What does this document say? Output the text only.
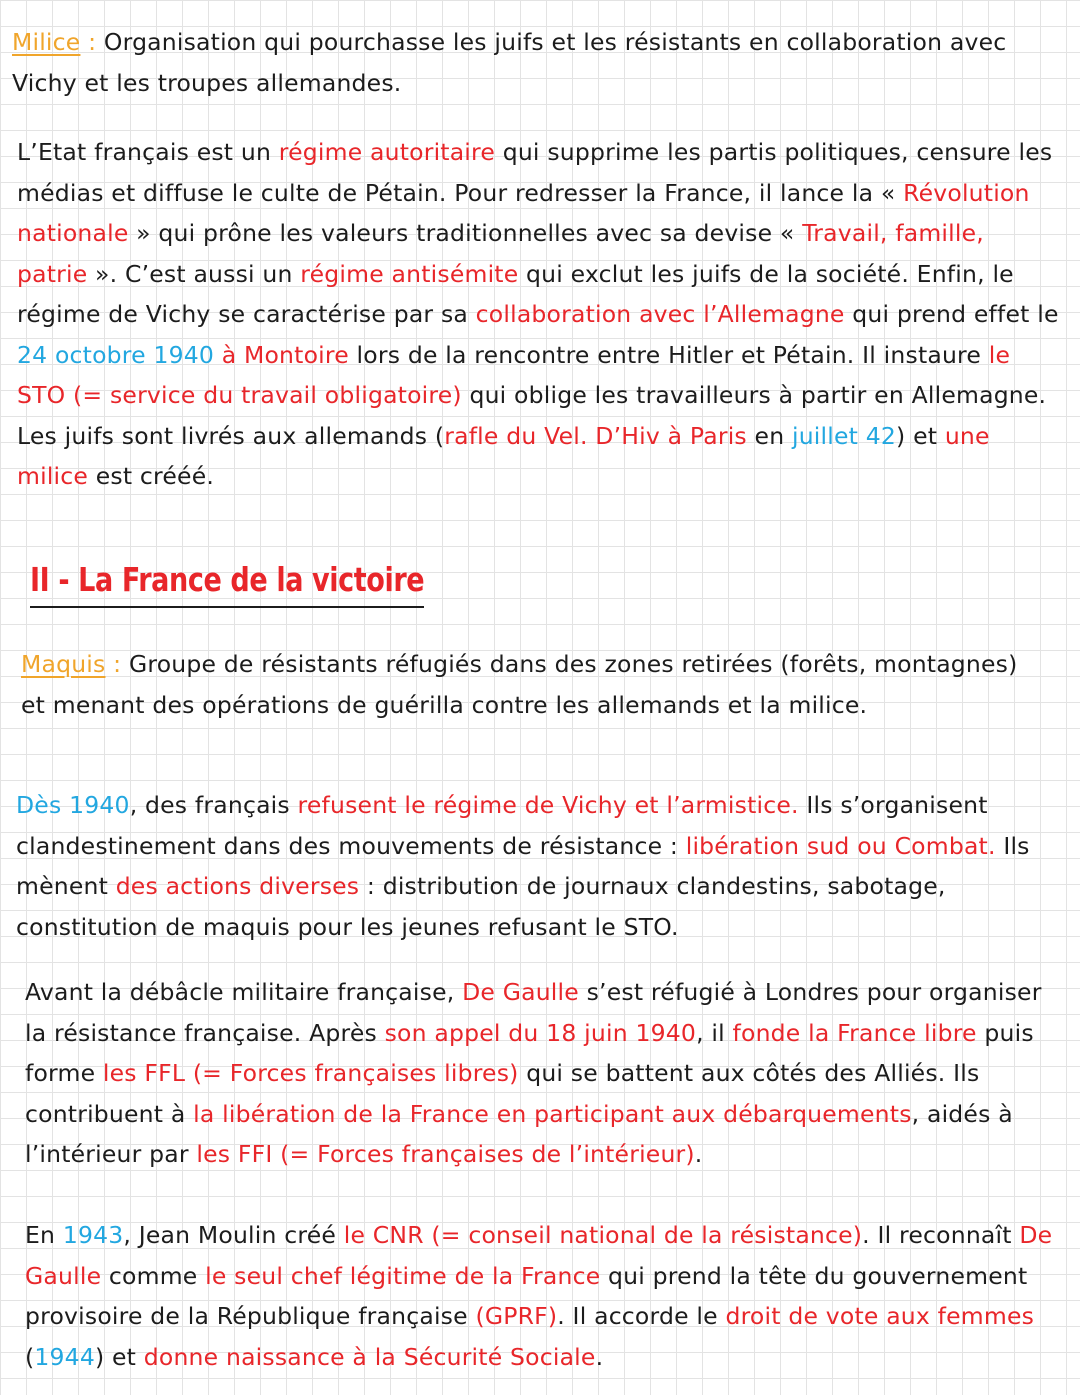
Milice : Organisation qui pourchasse les juifs et les résistants en collaboration avec Vichy et les troupes allemandes.

L’Etat français est un régime autoritaire qui supprime les partis politiques, censure les médias et diffuse le culte de Pétain. Pour redresser la France, il lance la « Révolution nationale » qui prône les valeurs traditionnelles avec sa devise « Travail, famille, patrie ». C’est aussi un régime antisémite qui exclut les juifs de la société. Enfin, le régime de Vichy se caractérise par sa collaboration avec l’Allemagne qui prend effet le 24 octobre 1940 à Montoire lors de la rencontre entre Hitler et Pétain. Il instaure le STO (= service du travail obligatoire) qui oblige les travailleurs à partir en Allemagne. Les juifs sont livrés aux allemands (rafle du Vel. D’Hiv à Paris en juillet 42) et une milice est crééé.

II - La France de la victoire

Maquis : Groupe de résistants réfugiés dans des zones retirées (forêts, montagnes) et menant des opérations de guérilla contre les allemands et la milice.

Dès 1940, des français refusent le régime de Vichy et l’armistice. Ils s’organisent clandestinement dans des mouvements de résistance : libération sud ou Combat. Ils mènent des actions diverses : distribution de journaux clandestins, sabotage, constitution de maquis pour les jeunes refusant le STO.

Avant la débâcle militaire française, De Gaulle s’est réfugié à Londres pour organiser la résistance française. Après son appel du 18 juin 1940, il fonde la France libre puis forme les FFL (= Forces françaises libres) qui se battent aux côtés des Alliés. Ils contribuent à la libération de la France en participant aux débarquements, aidés à l’intérieur par les FFI (= Forces françaises de l’intérieur).

En 1943, Jean Moulin créé le CNR (= conseil national de la résistance). Il reconnaît De Gaulle comme le seul chef légitime de la France qui prend la tête du gouvernement provisoire de la République française (GPRF). Il accorde le droit de vote aux femmes (1944) et donne naissance à la Sécurité Sociale.
